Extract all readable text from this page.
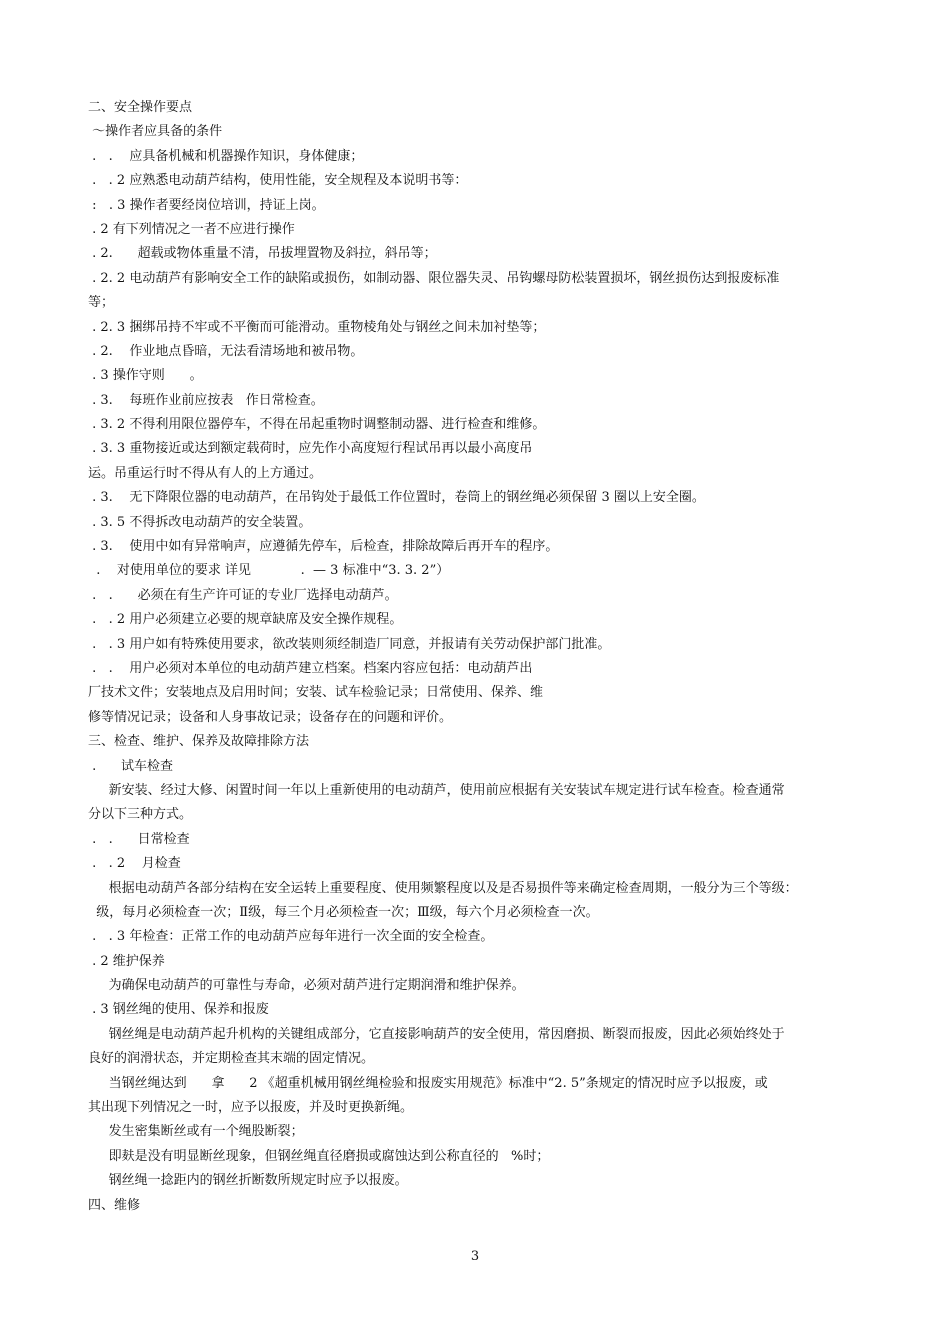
二、安全操作要点
～操作者应具备的条件
.   .    应具备机械和机器操作知识，身体健康；
.   . 2 应熟悉电动葫芦结构，使用性能，安全规程及本说明书等：
:   . 3 操作者要经岗位培训，持证上岗。
. 2 有下列情况之一者不应进行操作
. 2.      超载或物体重量不清，吊拔埋置物及斜拉，斜吊等；
. 2. 2 电动葫芦有影响安全工作的缺陷或损伤，如制动器、限位器失灵、吊钩螺母防松装置损坏，钢丝损伤达到报废标准
等；
. 2. 3 捆绑吊持不牢或不平衡而可能滑动。重物棱角处与钢丝之间未加衬垫等；
. 2.    作业地点昏暗，无法看清场地和被吊物。
. 3 操作守则      。
. 3.    每班作业前应按表   作日常检查。
. 3. 2 不得利用限位器停车，不得在吊起重物时调整制动器、进行检查和维修。
. 3. 3 重物接近或达到额定载荷时，应先作小高度短行程试吊再以最小高度吊
运。吊重运行时不得从有人的上方通过。
. 3.    无下降限位器的电动葫芦，在吊钩处于最低工作位置时，卷筒上的钢丝绳必须保留 3 圈以上安全圈。
. 3. 5 不得拆改电动葫芦的安全装置。
. 3.    使用中如有异常响声，应遵循先停车，后检查，排除故障后再开车的程序。
.    对使用单位的要求 详见            .  — 3 标准中“3. 3. 2”）
.   .      必须在有生产许可证的专业厂选择电动葫芦。
.   . 2 用户必须建立必要的规章缺席及安全操作规程。
.   . 3 用户如有特殊使用要求，欲改装则须经制造厂同意，并报请有关劳动保护部门批准。
.   .    用户必须对本单位的电动葫芦建立档案。档案内容应包括：电动葫芦出
厂技术文件；安装地点及启用时间；安装、试车检验记录；日常使用、保养、维
修等情况记录；设备和人身事故记录；设备存在的问题和评价。
三、检查、维护、保养及故障排除方法
.      试车检查
新安装、经过大修、闲置时间一年以上重新使用的电动葫芦，使用前应根据有关安装试车规定进行试车检查。检查通常
分以下三种方式。
.   .      日常检查
.   . 2    月检查
根据电动葫芦各部分结构在安全运转上重要程度、使用频繁程度以及是否易损件等来确定检查周期，一般分为三个等级：
级，每月必须检查一次；Ⅱ级，每三个月必须检查一次；Ⅲ级，每六个月必须检查一次。
.   . 3 年检查：正常工作的电动葫芦应每年进行一次全面的安全检查。
. 2 维护保养
为确保电动葫芦的可靠性与寿命，必须对葫芦进行定期润滑和维护保养。
. 3 钢丝绳的使用、保养和报废
钢丝绳是电动葫芦起升机构的关键组成部分，它直接影响葫芦的安全使用，常因磨损、断裂而报废，因此必须始终处于
良好的润滑状态，并定期检查其末端的固定情况。
当钢丝绳达到      拿      2 《超重机械用钢丝绳检验和报废实用规范》标准中“2. 5”条规定的情况时应予以报废，或
其出现下列情况之一时，应予以报废，并及时更换新绳。
发生密集断丝或有一个绳股断裂；
即麸是没有明显断丝现象，但钢丝绳直径磨损或腐蚀达到公称直径的   %时；
钢丝绳一捻距内的钢丝折断数所规定时应予以报废。
四、维修
3
